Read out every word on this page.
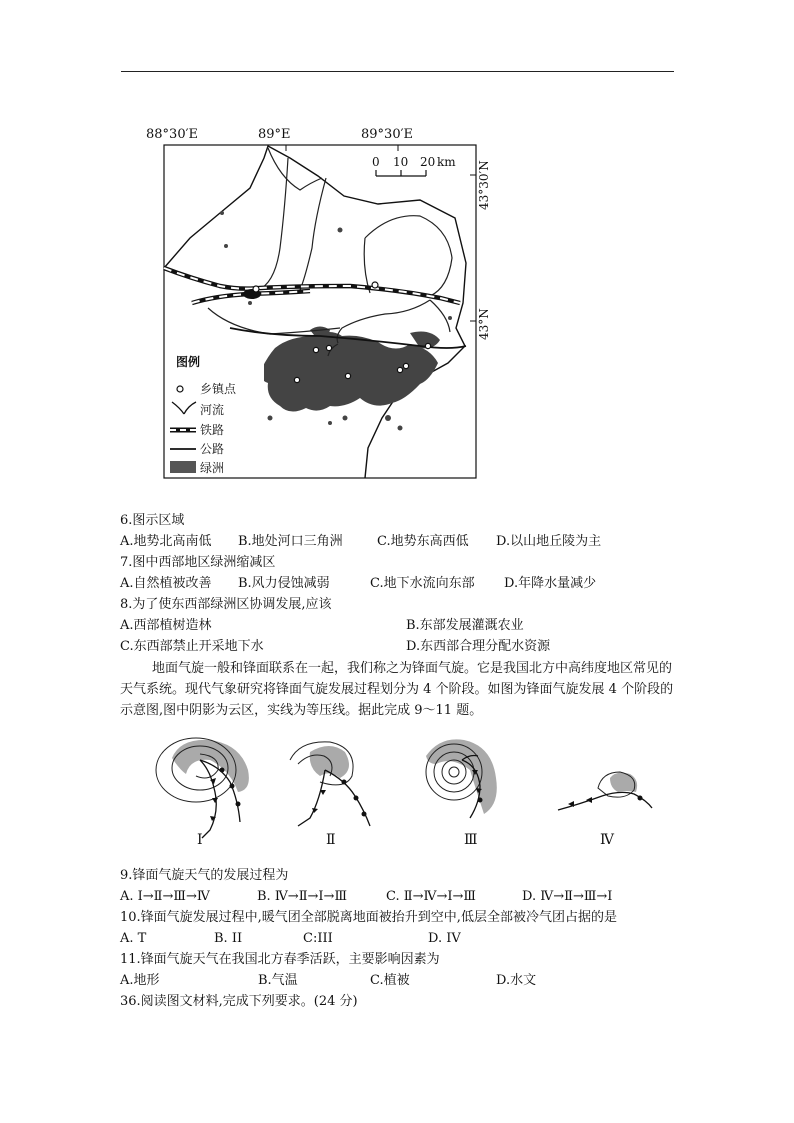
88°30′E	89°E	89°30′E
43°30′N
43°N
0 10 20 km
图例
乡镇点
河流
铁路
公路
绿洲
6.图示区域
A.地势北高南低 B.地处河口三角洲	C.地势东高西低 D.以山地丘陵为主
7.图中西部地区绿洲缩减区
A.自然植被改善 B.风力侵蚀减弱	C.地下水流向东部 D.年降水量减少
8.为了使东西部绿洲区协调发展,应该
A.西部植树造林	B.东部发展灌溉农业
C.东西部禁止开采地下水	D.东西部合理分配水资源
地面气旋一般和锋面联系在一起，我们称之为锋面气旋。它是我国北方中高纬度地区常见的天气系统。现代气象研究将锋面气旋发展过程划分为 4 个阶段。如图为锋面气旋发展 4 个阶段的示意图,图中阴影为云区，实线为等压线。据此完成 9～11 题。
Ⅰ	Ⅱ	Ⅲ	Ⅳ
9.锋面气旋天气的发展过程为
A. Ⅰ→Ⅱ→Ⅲ→Ⅳ	B. Ⅳ→Ⅱ→Ⅰ→Ⅲ	C. Ⅱ→Ⅳ→Ⅰ→Ⅲ	D. Ⅳ→Ⅱ→Ⅲ→Ⅰ
10.锋面气旋发展过程中,暖气团全部脱离地面被抬升到空中,低层全部被冷气团占据的是
A. T	B. II	C:III	D. IV
11.锋面气旋天气在我国北方春季活跃，主要影响因素为
A.地形	B.气温	C.植被	D.水文
36.阅读图文材料,完成下列要求。(24 分)
